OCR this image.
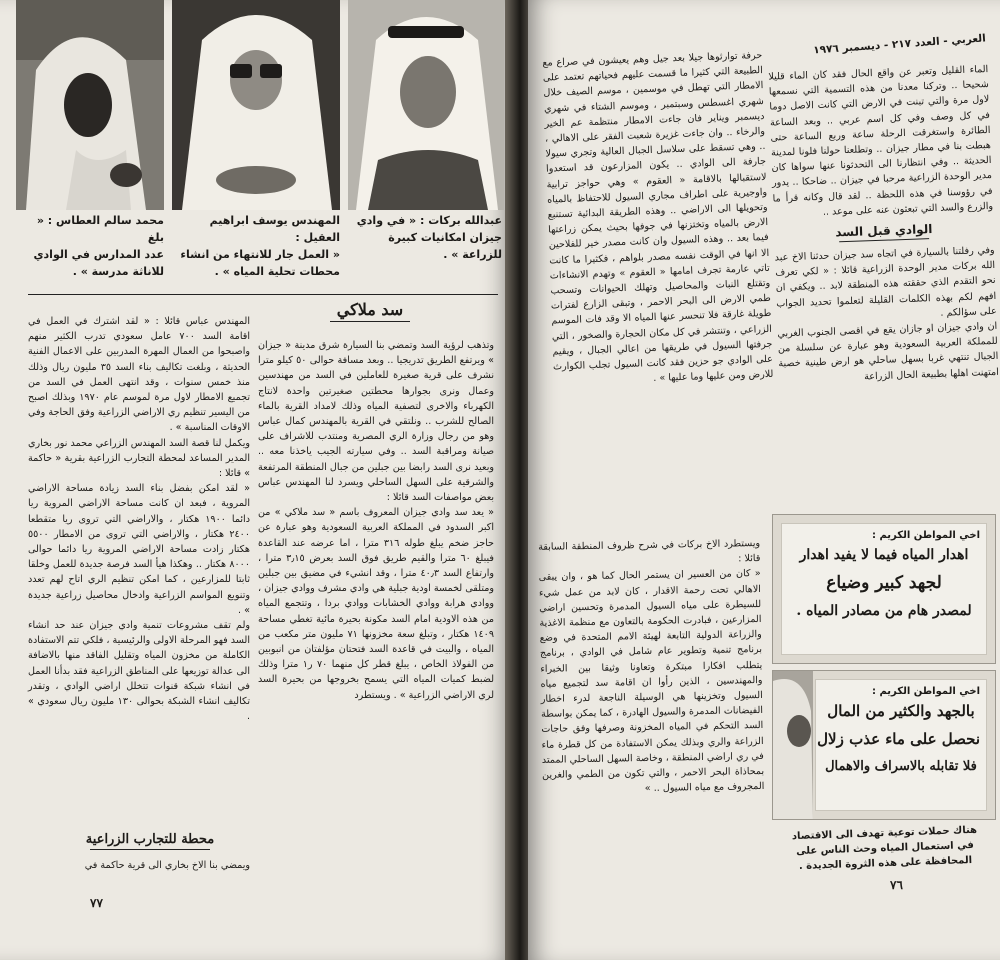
محمد سالم العطاس : « بلغ
عدد المدارس في الوادي
للاناثة مدرسة » .
المهندس يوسف ابراهيم العقيل :
« العمل جار للانتهاء من انشاء
محطات تحلية المياه » .
عبدالله بركات : « في وادي
جيزان امكانيات كبيرة
للزراعة » .
سد ملاكي
وتذهب لرؤية السد وتمضي بنا السيارة شرق مدينة « جيزان » ويرتفع الطريق تدريجيا .. وبعد مسافة حوالى ٥٠ كيلو مترا نشرف على قرية صغيرة للعاملين في السد من مهندسين وعمال ونرى بجوارها محطتين صغيرتين واحدة لانتاج الكهرباء والاخرى لتصفية المياه وذلك لامداد القرية بالماء الصالح للشرب .. ونلتقي في القرية بالمهندس كمال عباس وهو من رجال وزارة الري المصرية ومنتدب للاشراف على صيانة ومراقبة السد .. وفي سيارته الجيب ياخذنا معه .. وبعيد نرى السد رابضا بين جبلين من جبال المنطقة المرتفعة والشرقية على السهل الساحلي ويسرد لنا المهندس عباس بعض مواصفات السد قائلا :
« يعد سد وادي جيزان المعروف باسم « سد ملاكي » من اكبر السدود في المملكة العربية السعودية وهو عبارة عن حاجز ضخم يبلغ طوله ٣١٦ مترا ، اما عرضه عند القاعدة فيبلغ ٦٠ مترا والقيم طريق فوق السد بعرض ٣٫١٥ مترا ، وارتفاع السد ٤٠٫٣ مترا ، وقد انشيء في مضيق بين جبلين ومتلقى لخمسة اودية جبلية هي وادي مشرف ووادي جيزان ، ووادي هرابة ووادي الخشابات ووادي بردا ، وتتجمع المياه من هذه الاودية امام السد مكونة بحيرة مائية تغطي مساحة ١٤٠٩ هكتار ، وتبلغ سعة مخزونها ٧١ مليون متر مكعب من المياه ، والبيت في قاعدة السد فتحتان مؤلفتان من انبوبين من الفولاذ الخاص ، يبلغ قطر كل منهما ٧٠ ر١ مترا وذلك لضبط كميات المياه التي يسمح بخروجها من بحيرة السد لري الاراضي الزراعية » . ويستطرد
المهندس عباس قائلا : « لقد اشترك في العمل في اقامة السد ٧٠٠ عامل سعودي تدرب الكثير منهم واصبحوا من العمال المهرة المدربين على الاعمال الفنية الحديثة ، وبلغت تكاليف بناء السد ٣٥ مليون ريال وذلك منذ خمس سنوات ، وقد انتهى العمل في السد من تجميع الامطار لاول مرة لموسم عام ١٩٧٠ وبذلك اصبح من اليسير تنظيم ري الاراضي الزراعية وفق الحاجة وفي الاوقات المناسبة » .
ويكمل لنا قصة السد المهندس الزراعي محمد نور بخاري المدير المساعد لمحطة التجارب الزراعية بقرية « حاكمة » قائلا :
« لقد امكن بفضل بناء السد زيادة مساحة الاراضي المروية ، فبعد ان كانت مساحة الاراضي المروية ريا دائما ١٩٠٠ هكتار ، والاراضي التي تروى ريا متقطعا ٢٤٠٠ هكتار ، والاراضي التي تروى من الامطار ٥٥٠٠ هكتار زادت مساحة الاراضي المروية ريا دائما حوالى ٨٠٠٠ هكتار .. وهكذا هيأ السد فرصة جديدة للعمل وخلقا ثابتا للمزارعين ، كما امكن تنظيم الري اتاح لهم تعدد وتنويع المواسم الزراعية وادخال محاصيل زراعية جديدة » .
ولم تقف مشروعات تنمية وادي جيزان عند حد انشاء السد فهو المرحلة الاولى والرئيسية ، فلكي تتم الاستفادة الكاملة من مخزون المياه وتقليل الفاقد منها بالاضافة الى عدالة توزيعها على المناطق الزراعية فقد بدأنا العمل في انشاء شبكة قنوات تتخلل اراضي الوادي ، وتقدر تكاليف انشاء الشبكة بحوالى ١٣٠ مليون ريال سعودي » .
محطة للتجارب الزراعية
ويمضي بنا الاخ بخاري الى قرية حاكمة في
٧٧
العربي - العدد ٢١٧ - ديسمبر ١٩٧٦
الماء القليل وتعبر عن واقع الحال فقد كان الماء قليلا شحيحا .. وتركنا معدنا من هذه التسمية التي نسمعها لاول مرة والتي تبنت في الارض التي كانت الاصل دوما في كل وصف وفي كل اسم عربي .. وبعد الساعة الطائرة واستغرقت الرحلة ساعة وربع الساعة حتى هبطت بنا في مطار جيزان .. وتطلعنا حولنا فلونا لمدينة الحديثة .. وفي انتظارنا الى التحدثونا عنها سواها كان مدير الوحدة الزراعية مرحبا في جيزان .. ضاحكا .. يدور في رؤوسنا في هذه اللحظة .. لقد قال وكانه قرأ ما والزرع والسد التي تبعثون عنه على موعد ..
الوادي قبل السد
وفي رفلتنا بالسيارة في اتجاه سد جيزان حدثنا الاخ عبد الله بركات مدير الوحدة الزراعية قائلا : « لكي تعرف نحو التقدم الذي حققته هذه المنطقة لابد .. ويكفي ان افهم لكم بهذه الكلمات القليلة لتعلموا تحديد الجواب على سؤالكم .
ان وادي جيزان او جازان يقع في اقصى الجنوب الغربي للمملكة العربية السعودية وهو عبارة عن سلسلة من الجبال تنتهي غربا بسهل ساحلي هو ارض طينية خصبة امتهنت اهلها بطبيعة الحال الزراعة
حرفة توارثوها جيلا بعد جيل وهم يعيشون في صراع مع الطبيعة التي كثيرا ما قسمت عليهم فحياتهم تعتمد على الامطار التي تهطل في موسمين ، موسم الصيف خلال شهري اغسطس وسبتمبر ، وموسم الشتاء في شهري ديسمبر ويناير فان جاءت الامطار منتظمة عم الخير والرخاء .. وان جاءت غزيرة شعبت الفقر على الاهالي ، .. وهي تسقط على سلاسل الجبال العالية وتجري سيولا جارفة الى الوادي .. يكون المزارعون قد استعدوا لاستقبالها بالاقامة « العقوم » وهي حواجز ترابية واوجيرية على اطراف مجاري السيول للاحتفاظ بالمياه وتحويلها الى الاراضي .. وهذه الطريقة البدائية تستنبع الارض بالمياه وتختزنها في جوفها بحيث يمكن زراعتها فيما بعد .. وهذه السيول وان كانت مصدر خير للفلاحين الا انها في الوقت نفسه مصدر بلواهم ، فكثيرا ما كانت تاتي عارمة تجرف امامها « العقوم » وتهدم الانشاءات وتقتلع النبات والمحاصيل وتهلك الحيوانات وتسحب طمي الارض الى البحر الاحمر ، وتبقى الزارع لفترات طويلة غارقة فلا تنحسر عنها المياه الا وقد فات الموسم الزراعي ، وتنتشر في كل مكان الحجارة والصخور ، التي جرفتها السيول في طريقها من اعالي الجبال ، ويقيم على الوادي جو حزين فقد كانت السيول تجلب الكوارث للارض ومن عليها وما عليها » .
ويستطرد الاخ بركات في شرح ظروف المنطقة السابقة قائلا :
« كان من العسير ان يستمر الحال كما هو ، وان يبقى الاهالي تحت رحمة الاقدار ، كان لابد من عمل شيء للسيطرة على مياه السيول المدمرة وتحسين اراضي المزارعين ، فبادرت الحكومة بالتعاون مع منظمة الاغذية والزراعة الدولية التابعة لهيئة الامم المتحدة في وضع برنامج تنمية وتطوير عام شامل في الوادي ، برنامج يتطلب افكارا مبتكرة وتعاونا وثيقا بين الخبراء والمهندسين ، الذين رأوا ان اقامة سد لتجميع مياه السيول وتخزينها هي الوسيلة الناجعة لدرء اخطار الفيضانات المدمرة والسيول الهادرة ، كما يمكن بواسطة السد التحكم في المياه المخزونة وصرفها وفق حاجات الزراعة والري وبذلك يمكن الاستفادة من كل قطرة ماء في ري اراضي المنطقة ، وخاصة السهل الساحلي الممتد بمحاذاة البحر الاحمر ، والتي تكون من الطمي والغرين المجروف مع مياه السيول .. »
اخي المواطن الكريم :
اهدار المياه فيما لا يفيد اهدار
لجهد كبير وضياع
لمصدر هام من مصادر المياه .
اخي المواطن الكريم :
بالجهد والكثير من المال
نحصل على ماء عذب زلال
فلا تقابله بالاسراف والاهمال
هناك حملات توعية تهدف الى الاقتصاد
في استعمال المياه وحث الناس على
المحافظة على هذه الثروة الجديدة .
٧٦
